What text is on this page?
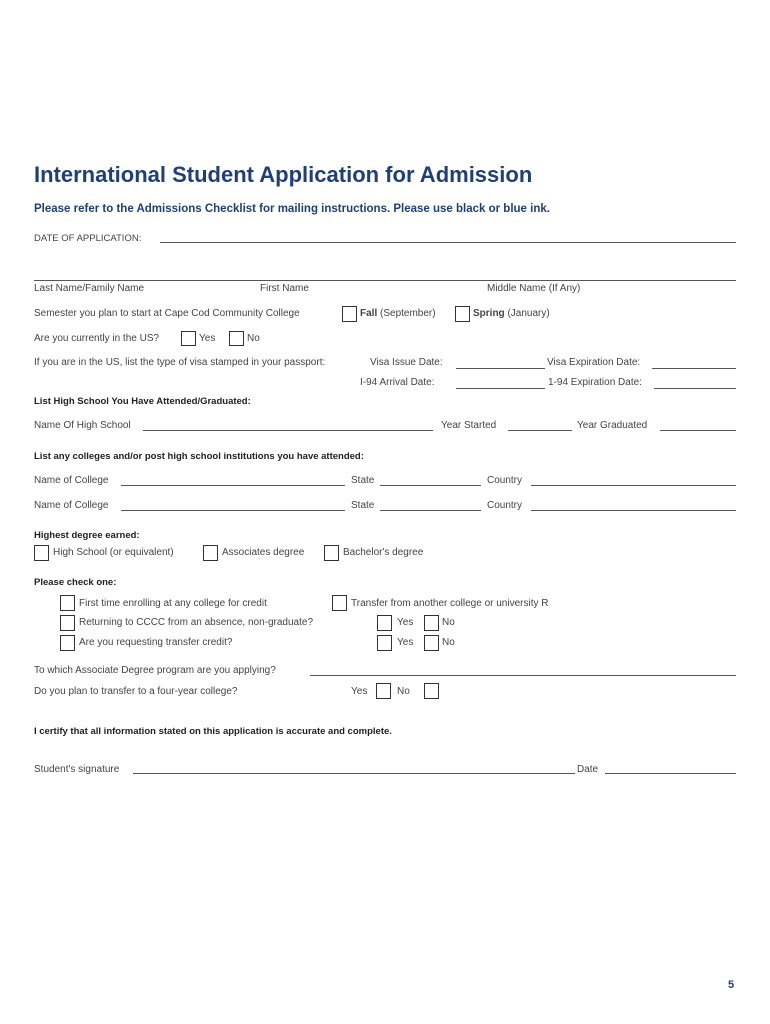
International Student Application for Admission
Please refer to the Admissions Checklist for mailing instructions. Please use black or blue ink.
DATE OF APPLICATION:
Last Name/Family Name	First Name	Middle Name (If Any)
Semester you plan to start at Cape Cod Community College	Fall (September)	Spring (January)
Are you currently in the US?	Yes	No
If you are in the US, list the type of visa stamped in your passport:	Visa Issue Date:	Visa Expiration Date:
I-94 Arrival Date:	1-94 Expiration Date:
List High School You Have Attended/Graduated:
Name Of High School	Year Started	Year Graduated
List any colleges and/or post high school institutions you have attended:
Name of College	State	Country
Name of College	State	Country
Highest degree earned:
High School (or equivalent)	Associates degree	Bachelor's degree
Please check one:
First time enrolling at any college for credit	Transfer from another college or university R
Returning to CCCC from an absence, non-graduate?	Yes	No
Are you requesting transfer credit?	Yes	No
To which Associate Degree program are you applying?
Do you plan to transfer to a four-year college?	Yes	No
I certify that all information stated on this application is accurate and complete.
Student's signature	Date
5
